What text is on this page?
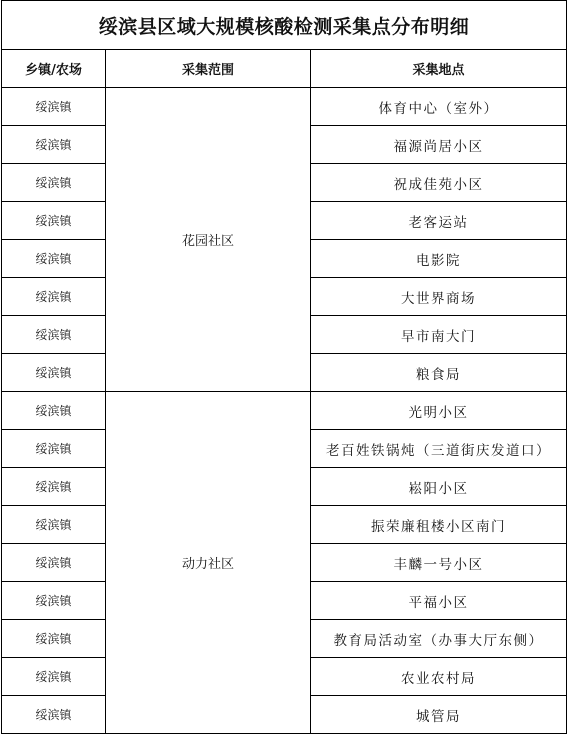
绥滨县区域大规模核酸检测采集点分布明细		
乡镇/农场	采集范围	采集地点
绥滨镇	花园社区	体育中心（室外）
绥滨镇		福源尚居小区
绥滨镇		祝成佳苑小区
绥滨镇		老客运站
绥滨镇		电影院
绥滨镇		大世界商场
绥滨镇		早市南大门
绥滨镇		粮食局
绥滨镇	动力社区	光明小区
绥滨镇		老百姓铁锅炖（三道街庆发道口）
绥滨镇		崧阳小区
绥滨镇		振荣廉租楼小区南门
绥滨镇		丰麟一号小区
绥滨镇		平福小区
绥滨镇		教育局活动室（办事大厅东侧）
绥滨镇		农业农村局
绥滨镇		城管局
